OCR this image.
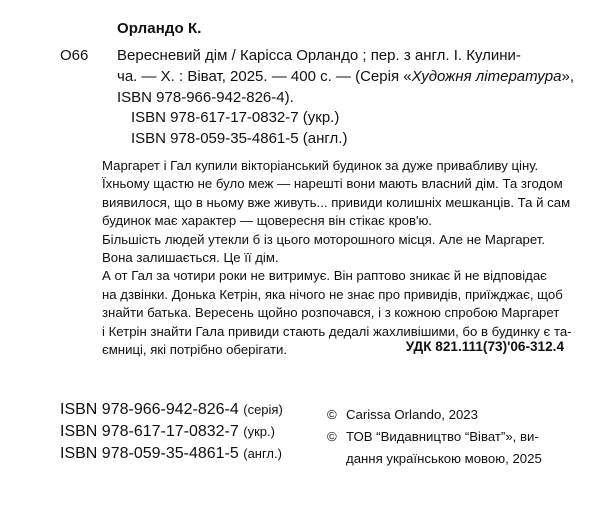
Орландо К.
О66 Вересневий дім / Карісса Орландо ; пер. з англ. І. Кулини-
ча. — Х. : Віват, 2025. — 400 с. — (Серія «Художня література»,
ISBN 978-966-942-826-4).
ISBN 978-617-17-0832-7 (укр.)
ISBN 978-059-35-4861-5 (англ.)
Маргарет і Гал купили вікторіанський будинок за дуже привабливу ціну.
Їхньому щастю не було меж — нарешті вони мають власний дім. Та згодом
виявилося, що в ньому вже живуть... привиди колишніх мешканців. Та й сам
будинок має характер — щовересня він стікає кров'ю.
Більшість людей утекли б із цього моторошного місця. Але не Маргарет.
Вона залишається. Це її дім.
А от Гал за чотири роки не витримує. Він раптово зникає й не відповідає
на дзвінки. Донька Кетрін, яка нічого не знає про привидів, приїжджає, щоб
знайти батька. Вересень щойно розпочався, і з кожною спробою Маргарет
і Кетрін знайти Гала привиди стають дедалі жахливішими, бо в будинку є та-
ємниці, які потрібно оберігати.	УДК 821.111(73)'06-312.4
ISBN 978-966-942-826-4 (серія)
ISBN 978-617-17-0832-7 (укр.)
ISBN 978-059-35-4861-5 (англ.)
© Carissa Orlando, 2023
© ТОВ “Видавництво “Віват”», ви-
дання українською мовою, 2025
